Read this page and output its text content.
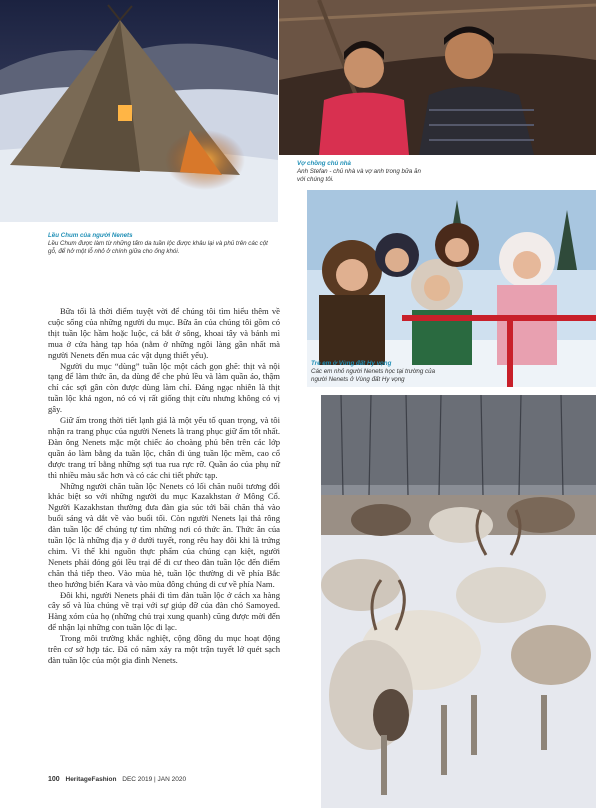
Lều Chum của người Nenets
Lều Chum được làm từ những tấm da tuần lộc được khâu lại và phủ trên các cột gỗ, để hở một lỗ nhỏ ở chính giữa cho ống khói.
Vợ chồng chủ nhà
Anh Stefan - chủ nhà và vợ anh trong bữa ăn với chúng tôi.
Trẻ em ở Vùng đất Hy vọng
Các em nhỏ người Nenets học tại trường của người Nenets ở Vùng đất Hy vọng

Bữa tối là thời điểm tuyệt vời để chúng tôi tìm hiểu thêm về cuộc sống của những người du mục. Bữa ăn của chúng tôi gồm có thịt tuần lộc hầm hoặc luộc, cá bắt ở sông, khoai tây và bánh mì mua ở cửa hàng tạp hóa (nằm ở những ngôi làng gần nhất mà người Nenets đến mua các vật dụng thiết yếu).

Người du mục “dùng” tuần lộc một cách gọn ghẽ: thịt và nội tạng để làm thức ăn, da dùng để che phủ lều và làm quần áo, thậm chí các sợi gân còn được dùng làm chỉ. Đáng ngạc nhiên là thịt tuần lộc khá ngon, nó có vị rất giống thịt cừu nhưng không có vị gây.

Giữ ấm trong thời tiết lạnh giá là một yếu tố quan trọng, và tôi nhận ra trang phục của người Nenets là trang phục giữ ấm tốt nhất. Đàn ông Nenets mặc một chiếc áo choàng phủ bên trên các lớp quần áo làm bằng da tuần lộc, chân đi ủng tuần lộc mềm, cao cổ được trang trí bằng những sợi tua rua rực rỡ. Quần áo của phụ nữ thì nhiều màu sắc hơn và có các chi tiết phức tạp.

Những người chăn tuần lộc Nenets có lối chăn nuôi tương đối khác biệt so với những người du mục Kazakhstan ở Mông Cổ. Người Kazakhstan thường đưa đàn gia súc tới bãi chăn thả vào buổi sáng và dắt về vào buổi tối. Còn người Nenets lại thả rông đàn tuần lộc để chúng tự tìm những nơi có thức ăn. Thức ăn của tuần lộc là những địa y ở dưới tuyết, rong rêu hay đôi khi là trứng chim. Vì thế khi nguồn thực phẩm của chúng cạn kiệt, người Nenets phải đóng gói lều trại để đi cư theo đàn tuần lộc đến điểm chăn thả tiếp theo. Vào mùa hè, tuần lộc thường di về phía Bắc theo hướng biển Kara và vào mùa đông chúng di cư về phía Nam.

Đôi khi, người Nenets phải đi tìm đàn tuần lộc ở cách xa hàng cây số và lùa chúng về trại với sự giúp đỡ của đàn chó Samoyed. Hàng xóm của họ (những chủ trại xung quanh) cũng được mời đến để nhận lại những con tuần lộc đi lạc.

Trong môi trường khắc nghiệt, cộng đồng du mục hoạt động trên cơ sở hợp tác. Đã có năm xảy ra một trận tuyết lở quét sạch đàn tuần lộc của một gia đình Nenets.

100 HeritageFashion DEC 2019 | JAN 2020
